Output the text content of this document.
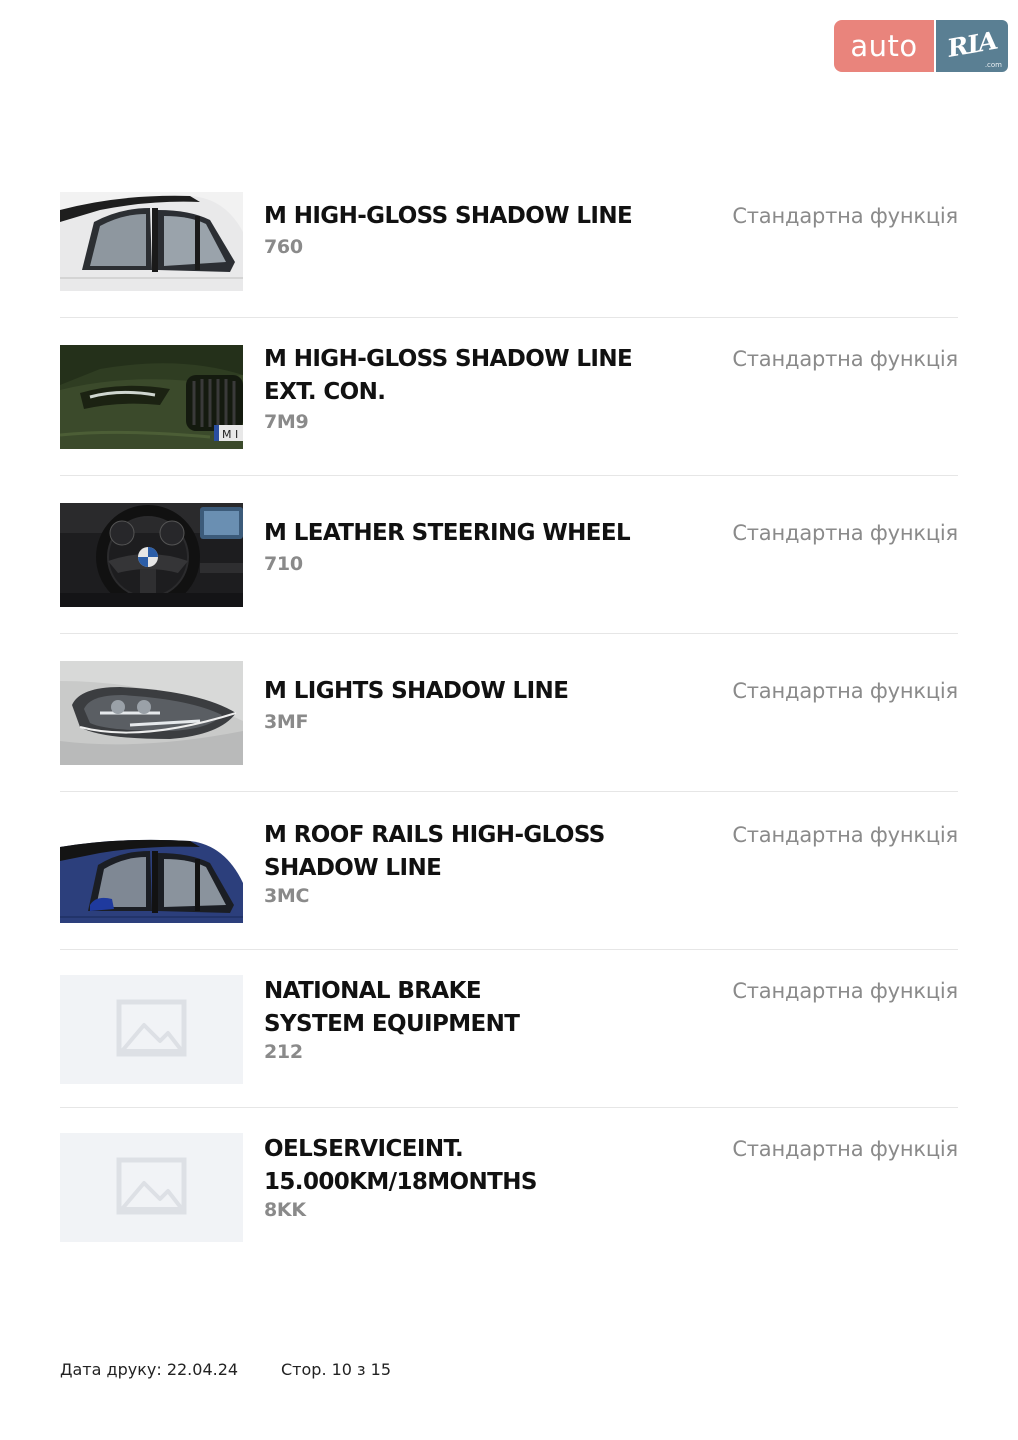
auto	RIA
.com
M HIGH-GLOSS SHADOW LINE
760
Стандартна функція
M I
M HIGH-GLOSS SHADOW LINE
EXT. CON.
7M9
Стандартна функція
M LEATHER STEERING WHEEL
710
Стандартна функція
M LIGHTS SHADOW LINE
3MF
Стандартна функція
M ROOF RAILS HIGH-GLOSS
SHADOW LINE
3MC
Стандартна функція
NATIONAL BRAKE
SYSTEM EQUIPMENT
212
Стандартна функція
OELSERVICEINT.
15.000KM/18MONTHS
8KK
Стандартна функція
Дата друку: 22.04.24	Стор. 10 з 15
